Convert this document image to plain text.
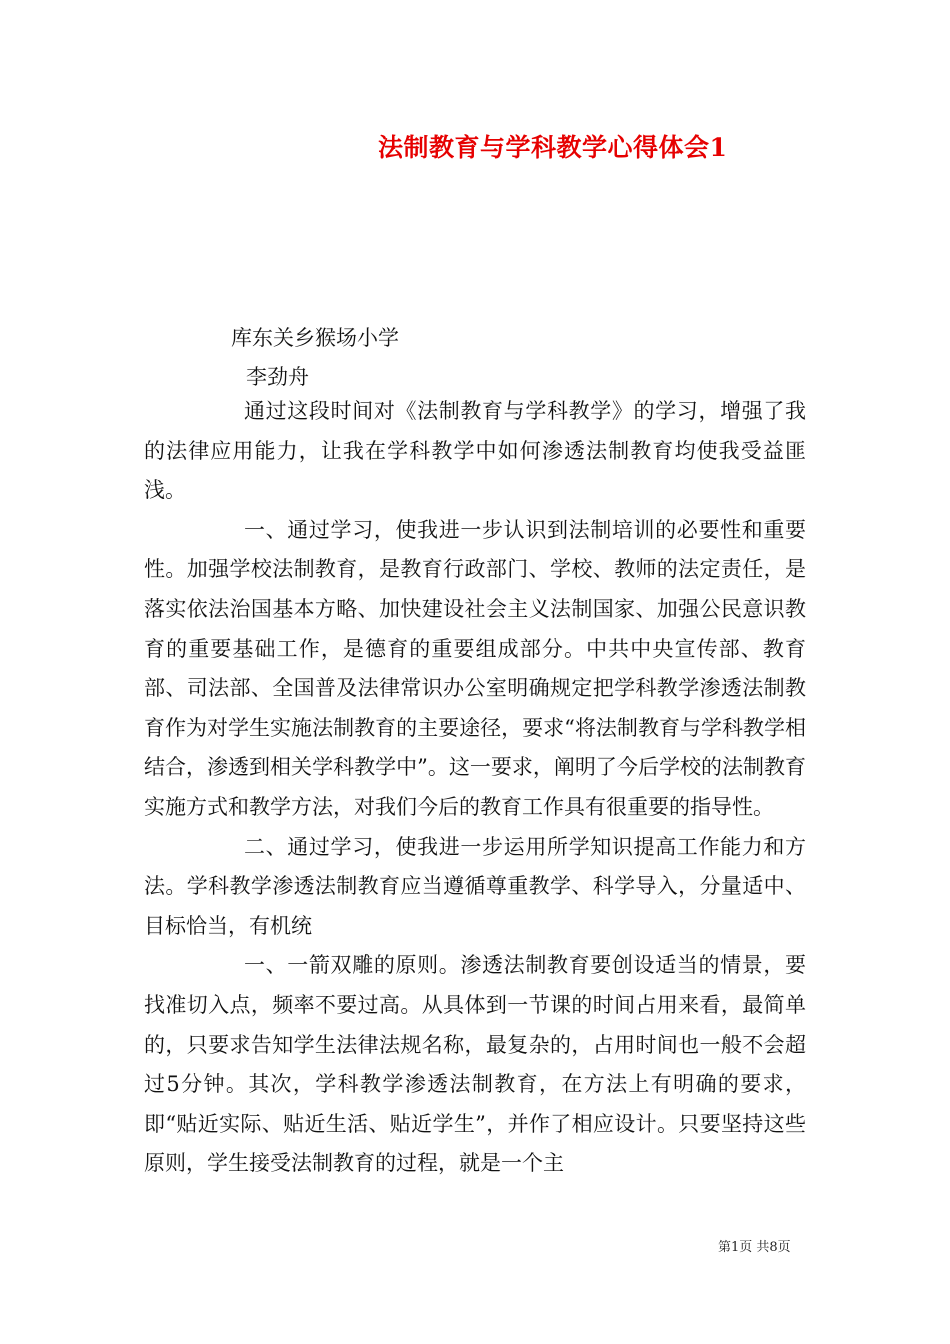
法制教育与学科教学心得体会1
库东关乡猴场小学
李劲舟

通过这段时间对《法制教育与学科教学》的学习，增强了我的法律应用能力，让我在学科教学中如何渗透法制教育均使我受益匪浅。

一、通过学习，使我进一步认识到法制培训的必要性和重要性。加强学校法制教育，是教育行政部门、学校、教师的法定责任，是落实依法治国基本方略、加快建设社会主义法制国家、加强公民意识教育的重要基础工作，是德育的重要组成部分。中共中央宣传部、教育部、司法部、全国普及法律常识办公室明确规定把学科教学渗透法制教育作为对学生实施法制教育的主要途径，要求“将法制教育与学科教学相结合，渗透到相关学科教学中”。这一要求，阐明了今后学校的法制教育实施方式和教学方法，对我们今后的教育工作具有很重要的指导性。

二、通过学习，使我进一步运用所学知识提高工作能力和方法。学科教学渗透法制教育应当遵循尊重教学、科学导入，分量适中、目标恰当，有机统

一、一箭双雕的原则。渗透法制教育要创设适当的情景，要找准切入点，频率不要过高。从具体到一节课的时间占用来看，最简单的，只要求告知学生法律法规名称，最复杂的，占用时间也一般不会超过5分钟。其次，学科教学渗透法制教育，在方法上有明确的要求，即“贴近实际、贴近生活、贴近学生”，并作了相应设计。只要坚持这些原则，学生接受法制教育的过程，就是一个主

第1页 共8页
